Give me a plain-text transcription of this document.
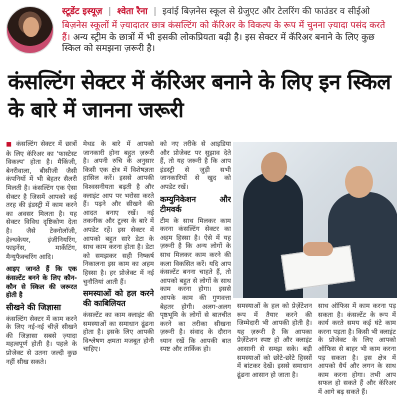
स्टूडेंट इस्यूज़ | श्वेता रैना | इवांई बिज़नेस स्कूल से ग्रेजुएट और टेलरिंग की फाउंडर व सीईओ
बिज़नेस स्कूलों में ज़्यादातर छात्र कंसल्टिंग को कॅरिअर के विकल्प के रूप में चुनना ज़्यादा पसंद करते हैं। अन्य स्ट्रीम के छात्रों में भी इसकी लोकप्रियता बढ़ी है। इस सेक्टर में कॅरिअर बनाने के लिए कुछ स्किल को समझना ज़रूरी है।
कंसल्टिंग सेक्टर में कॅरिअर बनाने के लिए इन स्किल के बारे में जानना जरूरी

■ कंसल्टिंग सेक्टर में छात्रों के लिए कॅरिअर का 'फास्टेस्ट विकल्प' होता है। मैकिंजी, बेनरीवाला, बीसीजी जैसी कंपनियों में भी बेहतर सैलरी मिलती है। कंसल्टिंग एक ऐसा सेक्टर है जिसमें आपको कई तरह की इंडस्ट्री में काम करने का अवसर मिलता है। यह सेक्टर विविध दृष्टिकोण देता है। जैसे टेक्नोलॉजी, हेल्थकेयर, इंजीनियरिंग, फाइनेंस, मार्केटिंग, मैन्युफैक्चरिंग आदि।

आइए जानते हैं कि एक कंसल्टेंट बनने के लिए कौन-कौन से स्किल की जरूरत होती है

सीखने की जिज्ञासा

कंसल्टिंग सेक्टर में काम करने के लिए नई-नई चीज़ें सीखने की जिज्ञासा सबसे ज़्यादा महत्वपूर्ण होती है। पहले के प्रोजेक्ट से उतना जल्दी कुछ नहीं सीख सकते।

मेथड के बारे में आपको जानकारी होना बहुत ज़रूरी है। अपनी रुचि के अनुसार किसी एक क्षेत्र में विशेषज्ञता हासिल करें। इससे आपकी विश्वसनीयता बढ़ती है और क्लाइंट आप पर भरोसा करते हैं। पढ़ने और सीखने की आदत बनाए रखें। नई तकनीक और टूल्स के बारे में अपडेट रहें। इस सेक्टर में आपको बहुत सारे डेटा के साथ काम करना होता है। डेटा को समझकर सही निष्कर्ष निकालना इस काम का अहम हिस्सा है। हर प्रोजेक्ट में नई चुनौतियां आती हैं।

समस्याओं को हल करने की काबिलियत

कंसल्टेंट का काम क्लाइंट की समस्याओं का समाधान ढूंढना होता है। इसके लिए आपकी विश्लेषण क्षमता मजबूत होनी चाहिए।

को नए तरीके से आइडिया और प्रोजेक्ट पर सुझाव देते हैं, तो यह जरूरी है कि आप इंडस्ट्री से जुड़ी सभी जानकारियों से खुद को अपडेट रखें।

कम्युनिकेशन और टीमवर्क

टीम के साथ मिलकर काम करना कंसल्टिंग सेक्टर का अहम हिस्सा है। ऐसे में यह ज़रूरी है कि अन्य लोगों के साथ मिलकर काम करने की कला विकसित करें। यदि आप कंसल्टेंट बनना चाहते हैं, तो आपको बहुत से लोगों के साथ काम करना होगा। इससे आपके काम की गुणवत्ता बेहतर होगी। अलग-अलग पृष्ठभूमि के लोगों से बातचीत करने का तरीका सीखना ज़रूरी है। संवाद के दौरान ध्यान रखें कि आपकी बात स्पष्ट और तार्किक हो।

समस्याओं के हल को प्रेज़ेंटेशन रूप में तैयार करने की जिम्मेदारी भी आपकी होती है। यह ज़रूरी है कि आपका प्रेज़ेंटेशन स्पष्ट हो और क्लाइंट आसानी से समझ सके। बड़ी समस्याओं को छोटे-छोटे हिस्सों में बांटकर देखें। इससे समाधान ढूंढना आसान हो जाता है।

साथ ऑफिस में काम करना पड़ सकता है। कंसल्टेंट के रूप में कार्य करते समय कई घंटे काम करना पड़ता है। किसी भी क्लाइंट के प्रोजेक्ट के लिए आपको ऑफिस से बाहर भी काम करना पड़ सकता है। इस क्षेत्र में आपको धैर्य और लगन के साथ काम करना होगा। तभी आप सफल हो सकते हैं और कॅरिअर में आगे बढ़ सकते हैं।
